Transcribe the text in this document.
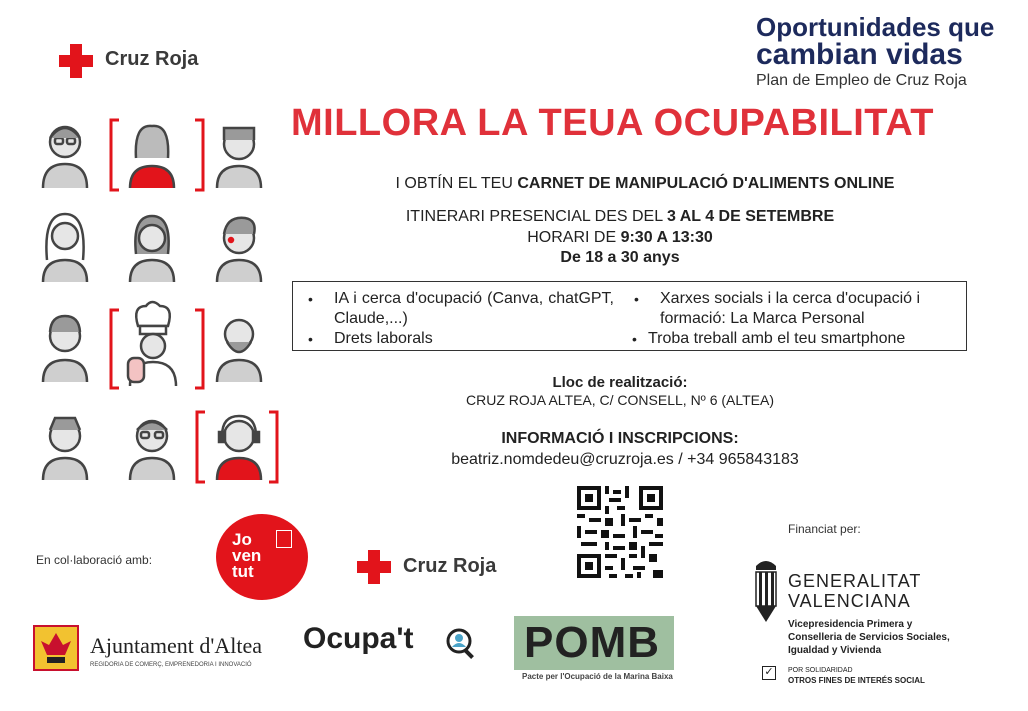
Cruz Roja
Oportunidades que
cambian vidas
Plan de Empleo de Cruz Roja
MILLORA LA TEUA OCUPABILITAT
I OBTÍN EL TEU CARNET DE MANIPULACIÓ D'ALIMENTS ONLINE
ITINERARI PRESENCIAL DES DEL 3 AL 4 DE SETEMBRE
HORARI DE 9:30 A 13:30
De 18 a 30 anys
• IA i cerca d'ocupació (Canva, chatGPT, Claude,...)
• Drets laborals
• Xarxes socials i la cerca d'ocupació i formació: La Marca Personal
• Troba treball amb el teu smartphone
Lloc de realització:
CRUZ ROJA ALTEA, C/ CONSELL, Nº 6 (ALTEA)
INFORMACIÓ I INSCRIPCIONS:
beatriz.nomdedeu@cruzroja.es / +34 965843183
En col·laboració amb:
Jo
ven
tut	Cruz Roja
Financiat per:
GENERALITAT
VALENCIANA
Vicepresidencia Primera y
Conselleria de Servicios Sociales,
Igualdad y Vivienda
✓	POR SOLIDARIDAD
OTROS FINES DE INTERÉS SOCIAL
Ajuntament d'Altea
REGIDORIA DE COMERÇ, EMPRENEDORIA I INNOVACIÓ
Ocupa't	POMB
Pacte per l'Ocupació de la Marina Baixa
